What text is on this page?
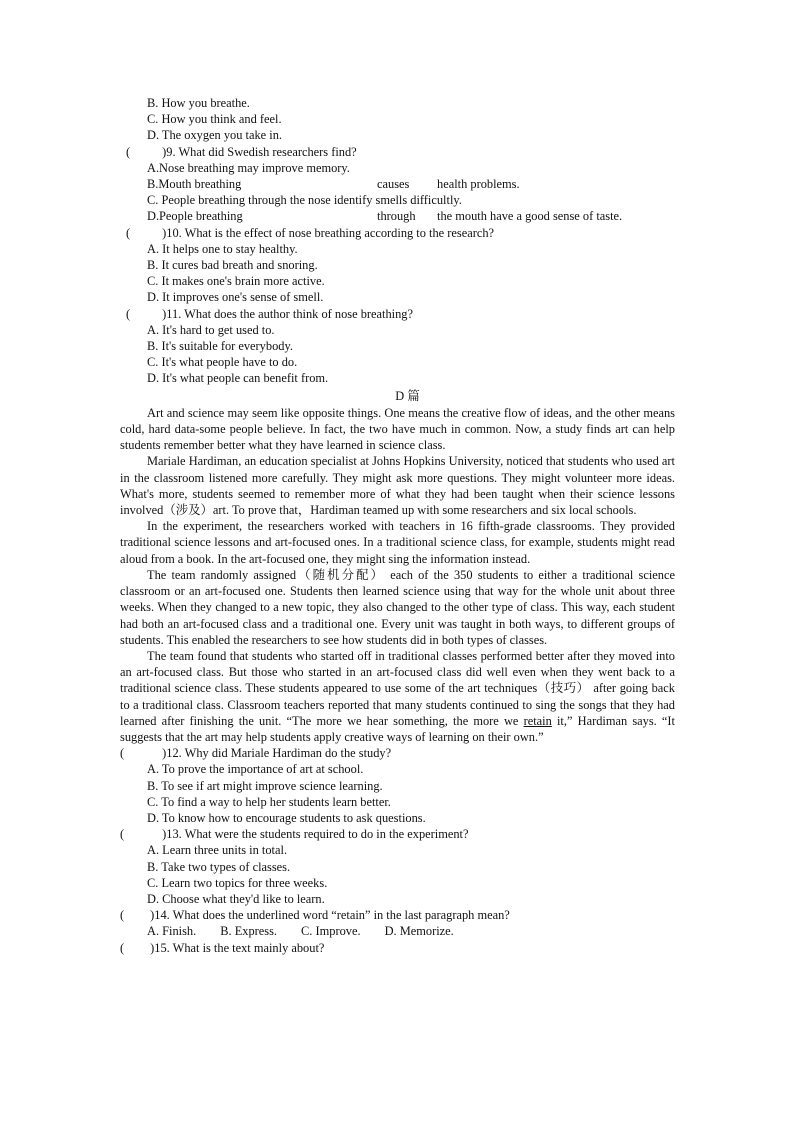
B. How you breathe.
C. How you think and feel.
D. The oxygen you take in.
(	)9. What did Swedish researchers find?
A.Nose breathing may improve memory.
B.Mouth breathing	causes	health problems.
C. People breathing through the nose identify smells difficultly.
D.People breathing	through	the mouth have a good sense of taste.
(	)10. What is the effect of nose breathing according to the research?
A. It helps one to stay healthy.
B. It cures bad breath and snoring.
C. It makes one's brain more active.
D. It improves one's sense of smell.
(	)11. What does the author think of nose breathing?
A. It's hard to get used to.
B. It's suitable for everybody.
C. It's what people have to do.
D. It's what people can benefit from.
D 篇
Art and science may seem like opposite things. One means the creative flow of ideas, and the other means cold, hard data-some people believe. In fact, the two have much in common. Now, a study finds art can help students remember better what they have learned in science class.
Mariale Hardiman, an education specialist at Johns Hopkins University, noticed that students who used art in the classroom listened more carefully. They might ask more questions. They might volunteer more ideas. What's more, students seemed to remember more of what they had been taught when their science lessons involved（涉及）art. To prove that，Hardiman teamed up with some researchers and six local schools.
In the experiment, the researchers worked with teachers in 16 fifth-grade classrooms. They provided traditional science lessons and art-focused ones. In a traditional science class, for example, students might read aloud from a book. In the art-focused one, they might sing the information instead.
The team randomly assigned（随机分配） each of the 350 students to either a traditional science classroom or an art-focused one. Students then learned science using that way for the whole unit about three weeks. When they changed to a new topic, they also changed to the other type of class. This way, each student had both an art-focused class and a traditional one. Every unit was taught in both ways, to different groups of students. This enabled the researchers to see how students did in both types of classes.
The team found that students who started off in traditional classes performed better after they moved into an art-focused class. But those who started in an art-focused class did well even when they went back to a traditional science class. These students appeared to use some of the art techniques（技巧） after going back to a traditional class. Classroom teachers reported that many students continued to sing the songs that they had learned after finishing the unit. “The more we hear something, the more we retain it,” Hardiman says. “It suggests that the art may help students apply creative ways of learning on their own.”
(	)12. Why did Mariale Hardiman do the study?
A. To prove the importance of art at school.
B. To see if art might improve science learning.
C. To find a way to help her students learn better.
D. To know how to encourage students to ask questions.
(	)13. What were the students required to do in the experiment?
A. Learn three units in total.
B. Take two types of classes.
C. Learn two topics for three weeks.
D. Choose what they'd like to learn.
( )14. What does the underlined word “retain” in the last paragraph mean?
A. Finish. B. Express. C. Improve. D. Memorize.
( )15. What is the text mainly about?
